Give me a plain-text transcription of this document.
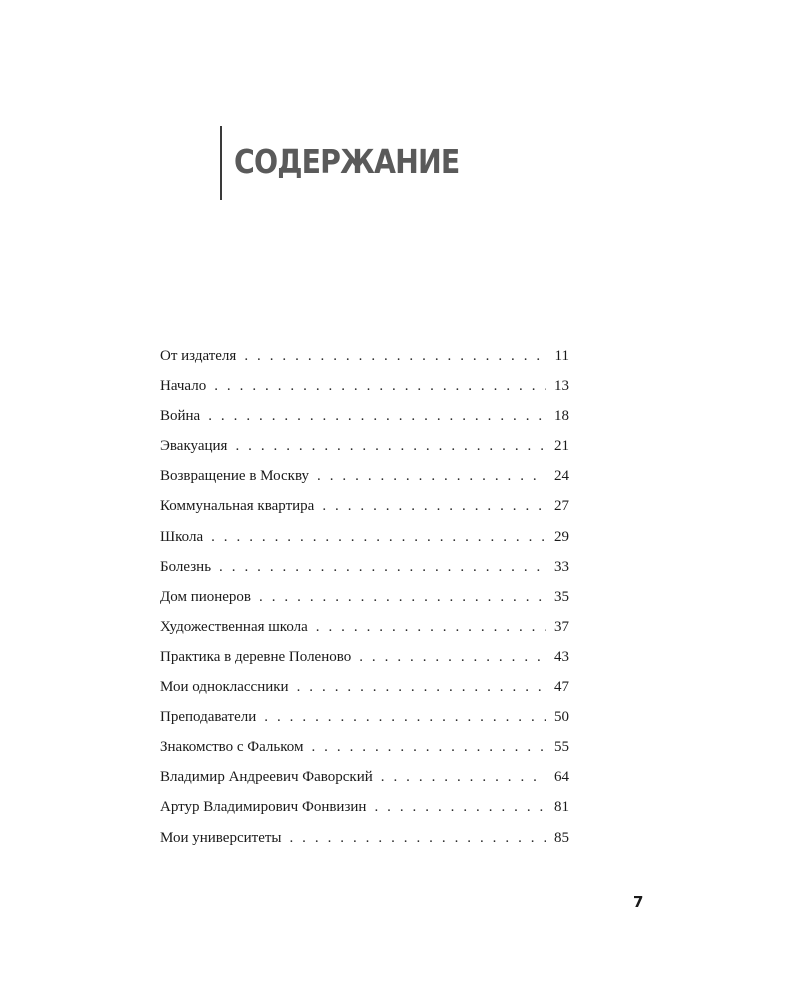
СОДЕРЖАНИЕ
От издателя . . .	11
Начало . . .	13
Война . . .	18
Эвакуация . . .	21
Возвращение в Москву . . .	24
Коммунальная квартира . . .	27
Школа . . .	29
Болезнь . . .	33
Дом пионеров . . .	35
Художественная школа . . .	37
Практика в деревне Поленово . . .	43
Мои одноклассники . . .	47
Преподаватели . . .	50
Знакомство с Фальком . . .	55
Владимир Андреевич Фаворский . . .	64
Артур Владимирович Фонвизин . . .	81
Мои университеты . . .	85
7
